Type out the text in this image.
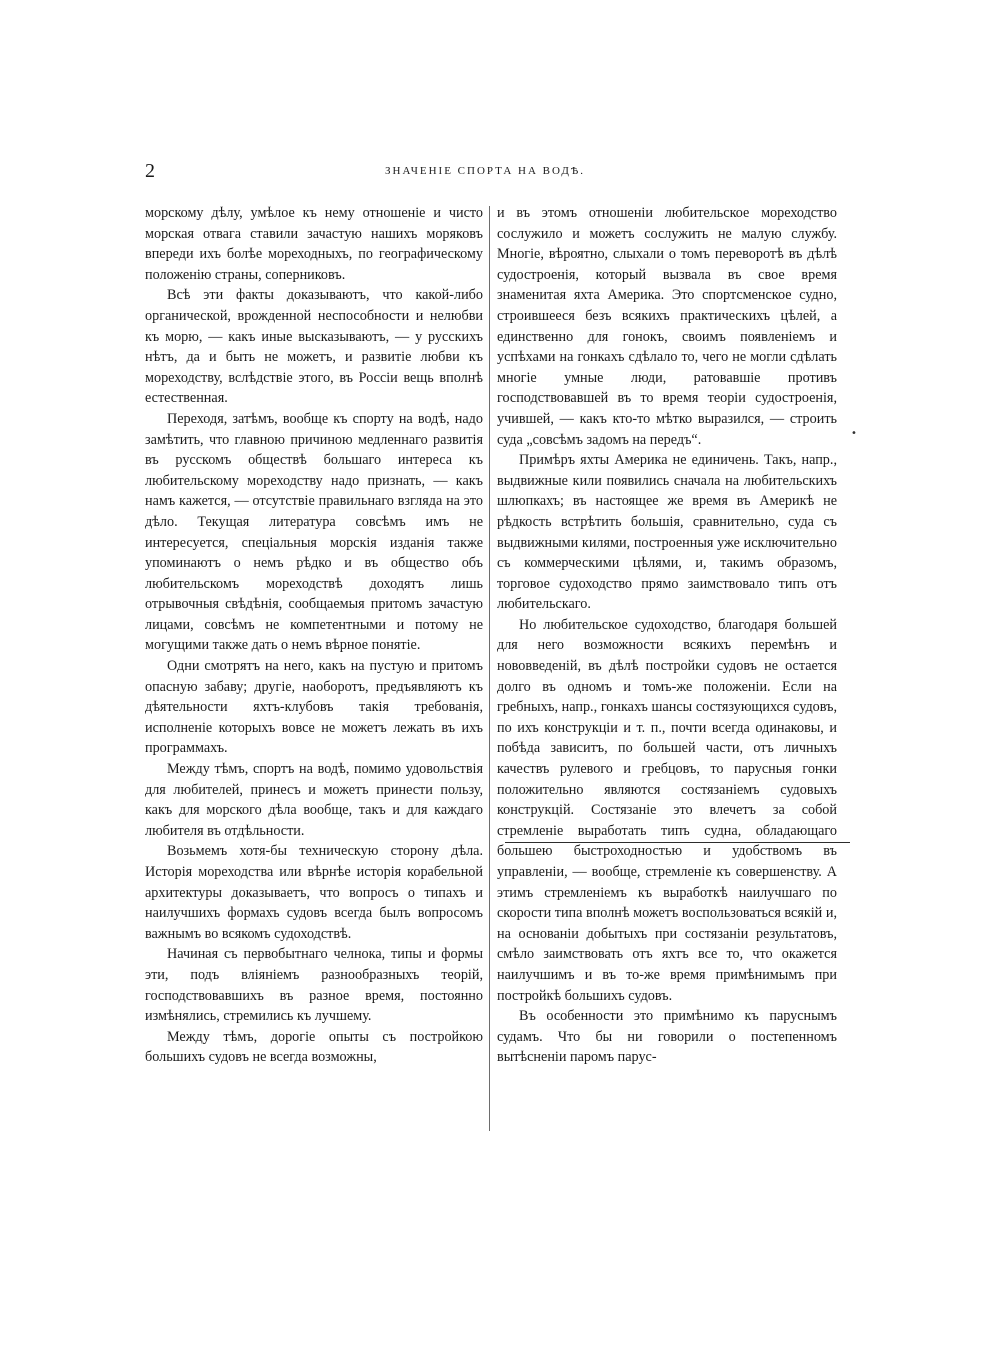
2	ЗНАЧЕНІЕ СПОРТА НА ВОДѢ.

морскому дѣлу, умѣлое къ нему отношеніе и чисто морская отвага ставили зачастую нашихъ моряковъ впереди ихъ болѣе мореходныхъ, по географическому положенію страны, соперниковъ.

Всѣ эти факты доказываютъ, что какой-либо органической, врожденной неспособности и нелюбви къ морю, — какъ иные высказываютъ, — у русскихъ нѣтъ, да и быть не можетъ, и развитіе любви къ мореходству, вслѣдствіе этого, въ Россіи вещь вполнѣ естественная.

Переходя, затѣмъ, вообще къ спорту на водѣ, надо замѣтить, что главною причиною медленнаго развитія въ русскомъ обществѣ большаго интереса къ любительскому мореходству надо признать, — какъ намъ кажется, — отсутствіе правильнаго взгляда на это дѣло. Текущая литература совсѣмъ имъ не интересуется, спеціальныя морскія изданія также упоминаютъ о немъ рѣдко и въ общество объ любительскомъ мореходствѣ доходятъ лишь отрывочныя свѣдѣнія, сообщаемыя притомъ зачастую лицами, совсѣмъ не компетентными и потому не могущими также дать о немъ вѣрное понятіе.

Одни смотрятъ на него, какъ на пустую и притомъ опасную забаву; другіе, наоборотъ, предъявляютъ къ дѣятельности яхтъ-клубовъ такія требованія, исполненіе которыхъ вовсе не можетъ лежать въ ихъ программахъ.

Между тѣмъ, спортъ на водѣ, помимо удовольствія для любителей, принесъ и можетъ принести пользу, какъ для морского дѣла вообще, такъ и для каждаго любителя въ отдѣльности.

Возьмемъ хотя-бы техническую сторону дѣла. Исторія мореходства или вѣрнѣе исторія корабельной архитектуры доказываетъ, что вопросъ о типахъ и наилучшихъ формахъ судовъ всегда былъ вопросомъ важнымъ во всякомъ судоходствѣ.

Начиная съ первобытнаго челнока, типы и формы эти, подъ вліяніемъ разнообразныхъ теорій, господствовавшихъ въ разное время, постоянно измѣнялись, стремились къ лучшему.

Между тѣмъ, дорогіе опыты съ постройкою большихъ судовъ не всегда возможны,

и въ этомъ отношеніи любительское мореходство сослужило и можетъ сослужить не малую службу. Многіе, вѣроятно, слыхали о томъ переворотѣ въ дѣлѣ судостроенія, который вызвала въ свое время знаменитая яхта Америка. Это спортсменское судно, строившееся безъ всякихъ практическихъ цѣлей, а единственно для гонокъ, своимъ появленіемъ и успѣхами на гонкахъ сдѣлало то, чего не могли сдѣлать многіе умные люди, ратовавшіе противъ господствовавшей въ то время теоріи судостроенія, учившей, — какъ кто-то мѣтко выразился, — строить суда „совсѣмъ задомъ на передъ“.

Примѣръ яхты Америка не единичень. Такъ, напр., выдвижные кили появились сначала на любительскихъ шлюпкахъ; въ настоящее же время въ Америкѣ не рѣдкость встрѣтить большія, сравнительно, суда съ выдвижными килями, построенныя уже исключительно съ коммерческими цѣлями, и, такимъ образомъ, торговое судоходство прямо заимствовало типъ отъ любительскаго.

Но любительское судоходство, благодаря большей для него возможности всякихъ перемѣнъ и нововведеній, въ дѣлѣ постройки судовъ не остается долго въ одномъ и томъ-же положеніи. Если на гребныхъ, напр., гонкахъ шансы состязующихся судовъ, по ихъ конструкціи и т. п., почти всегда одинаковы, и побѣда зависитъ, по большей части, отъ личныхъ качествъ рулевого и гребцовъ, то парусныя гонки положительно являются состязаніемъ судовыхъ конструкцій. Состязаніе это влечетъ за собой стремленіе выработать типъ судна, обладающаго большею быстроходностью и удобствомъ въ управленіи, — вообще, стремленіе къ совершенству. А этимъ стремленіемъ къ выработкѣ наилучшаго по скорости типа вполнѣ можетъ воспользоваться всякій и, на основаніи добытыхъ при состязаніи результатовъ, смѣло заимствовать отъ яхтъ все то, что окажется наилучшимъ и въ то-же время примѣнимымъ при постройкѣ большихъ судовъ.

Въ особенности это примѣнимо къ паруснымъ судамъ. Что бы ни говорили о постепенномъ вытѣсненіи паромъ парус-

•
